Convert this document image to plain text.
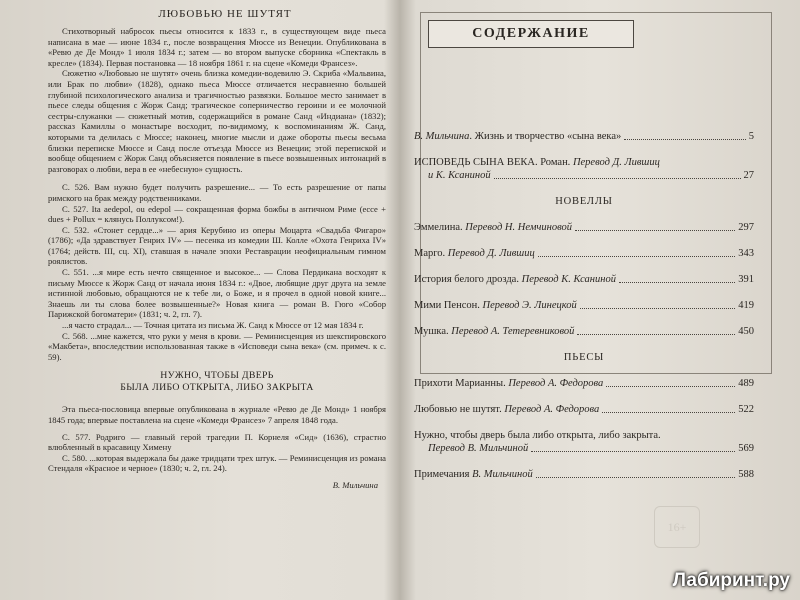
ЛЮБОВЬЮ НЕ ШУТЯТ

Стихотворный набросок пьесы относится к 1833 г., в существующем виде пьеса написана в мае — июне 1834 г., после возвращения Мюссе из Венеции. Опубликована в «Ревю де Де Монд» 1 июля 1834 г.; затем — во втором выпуске сборника «Спектакль в кресле» (1834). Первая постановка — 18 ноября 1861 г. на сцене «Комеди Франсез».

Сюжетно «Любовью не шутят» очень близка комедии-водевилю Э. Скриба «Мальвина, или Брак по любви» (1828), однако пьеса Мюссе отличается несравненно большей глубиной психологического анализа и трагичностью развязки. Большое место занимает в пьесе следы общения с Жорж Санд; трагическое соперничество героини и ее молочной сестры-служанки — сюжетный мотив, содержащийся в романе Санд «Индиана» (1832); рассказ Камиллы о монастыре восходит, по-видимому, к воспоминаниям Ж. Санд, которыми та делилась с Мюссе; наконец, многие мысли и даже обороты пьесы весьма близки переписке Мюссе и Санд после отъезда Мюссе из Венеции; этой перепиской и вообще общением с Жорж Санд объясняется появление в пьесе возвышенных интонаций в разговорах о любви, вера в ее «небесную» сущность.

С. 526. Вам нужно будет получить разрешение... — То есть разрешение от папы римского на брак между родственниками.

С. 527. Ita aedepol, ou edepol — сокращенная форма божбы в античном Риме (ecce + dues + Pollux = клянусь Поллуксом!).

С. 532. «Стонет сердце...» — ария Керубино из оперы Моцарта «Свадьба Фигаро» (1786); «Да здравствует Генрих IV» — песенка из комедии Ш. Колле «Охота Генриха IV» (1764; действ. III, сц. XI), ставшая в начале эпохи Реставрации неофициальным гимном роялистов.

С. 551. ...я мире есть нечто священное и высокое... — Слова Пердикана восходят к письму Мюссе к Жорж Санд от начала июня 1834 г.: «Двое, любящие друг друга на земле истинной любовью, обращаются не к тебе ли, о Боже, и я прочел в одной новой книге... Знаешь ли ты слова более возвышенные?» Новая книга — роман В. Гюго «Собор Парижской богоматери» (1831; ч. 2, гл. 7).

...я часто страдал... — Точная цитата из письма Ж. Санд к Мюссе от 12 мая 1834 г.

С. 568. ...мне кажется, что руки у меня в крови. — Реминисценция из шекспировского «Макбета», впоследствии использованная также в «Исповеди сына века» (см. примеч. к с. 59).

НУЖНО, ЧТОБЫ ДВЕРЬ
БЫЛА ЛИБО ОТКРЫТА, ЛИБО ЗАКРЫТА

Эта пьеса-пословица впервые опубликована в журнале «Ревю де Де Монд» 1 ноября 1845 года; впервые поставлена на сцене «Комеди Франсез» 7 апреля 1848 года.

С. 577. Родриго — главный герой трагедии П. Корнеля «Сид» (1636), страстно влюбленный в красавицу Химену

С. 580. ...которая выдержала бы даже тридцати трех штук. — Реминисценция из романа Стендаля «Красное и черное» (1830; ч. 2, гл. 24).

В. Мильчина
СОДЕРЖАНИЕ
В. Мильчина. Жизнь и творчество «сына века»	5
ИСПОВЕДЬ СЫНА ВЕКА. Роман. Перевод Д. Лившиц
и К. Ксаниной	27
НОВЕЛЛЫ
Эммелина. Перевод Н. Немчиновой	297
Марго. Перевод Д. Лившиц	343
История белого дрозда. Перевод К. Ксаниной	391
Мими Пенсон. Перевод Э. Линецкой	419
Мушка. Перевод А. Тетеревниковой	450
ПЬЕСЫ
Прихоти Марианны. Перевод А. Федорова	489
Любовью не шутят. Перевод А. Федорова	522
Нужно, чтобы дверь была либо открыта, либо закрыта.
Перевод В. Мильчиной	569
Примечания В. Мильчиной	588
16+
Лабиринт.ру
